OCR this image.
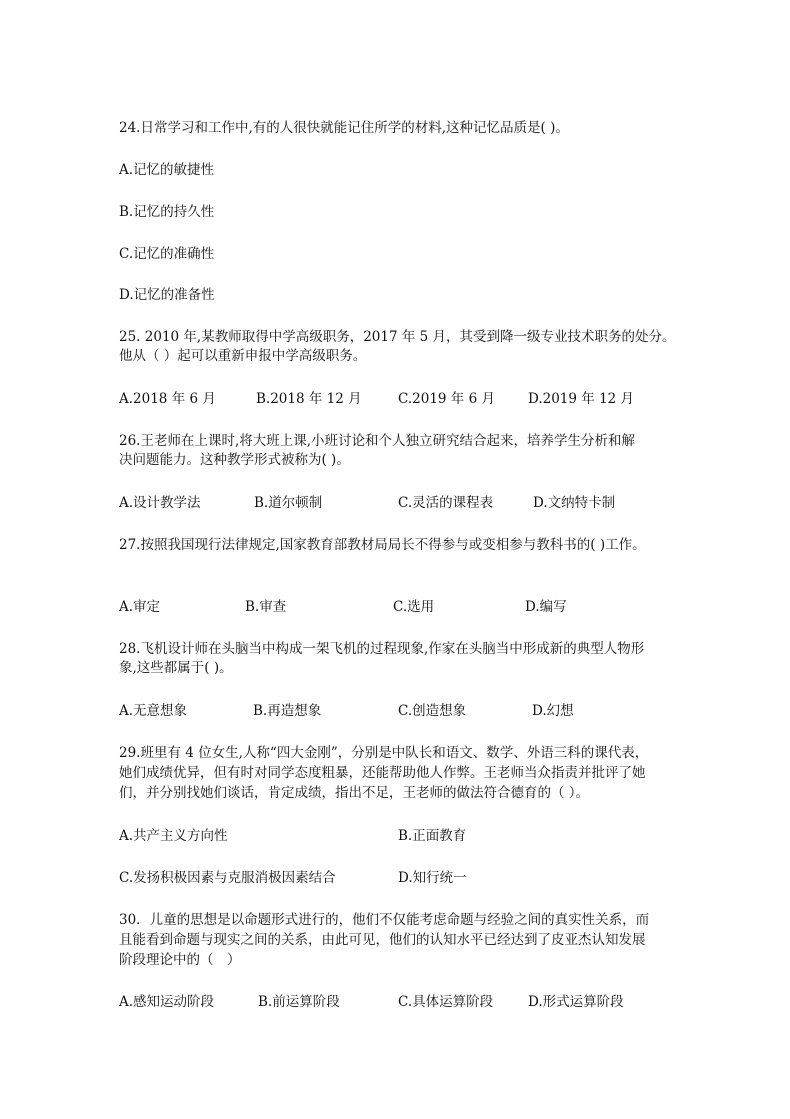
24.日常学习和工作中,有的人很快就能记住所学的材料,这种记忆品质是( )。
A.记忆的敏捷性
B.记忆的持久性
C.记忆的准确性
D.记忆的准备性
25. 2010 年,某教师取得中学高级职务，2017 年 5 月，其受到降一级专业技术职务的处分。
他从（ ）起可以重新申报中学高级职务。
A.2018 年 6 月	B.2018 年 12 月	C.2019 年 6 月 D.2019 年 12 月
26.王老师在上课时,将大班上课,小班讨论和个人独立研究结合起来，培养学生分析和解
决问题能力。这种教学形式被称为( )。
A.设计教学法	B.道尔顿制	C.灵活的课程表	D.文纳特卡制
27.按照我国现行法律规定,国家教育部教材局局长不得参与或变相参与教科书的( )工作。
A.审定	B.审查	C.选用	D.编写
28.飞机设计师在头脑当中构成一架飞机的过程现象,作家在头脑当中形成新的典型人物形
象,这些都属于( )。
A.无意想象	B.再造想象	C.创造想象	D.幻想
29.班里有 4 位女生,人称“四大金刚”，分别是中队长和语文、数学、外语三科的课代表，
她们成绩优异，但有时对同学态度粗暴，还能帮助他人作弊。王老师当众指责并批评了她
们，并分别找她们谈话，肯定成绩，指出不足，王老师的做法符合德育的（ ）。
A.共产主义方向性	B.正面教育
C.发扬积极因素与克服消极因素结合	D.知行统一
30．儿童的思想是以命题形式进行的，他们不仅能考虑命题与经验之间的真实性关系，而
且能看到命题与现实之间的关系，由此可见，他们的认知水平已经达到了皮亚杰认知发展
阶段理论中的（　）
A.感知运动阶段	B.前运算阶段	C.具体运算阶段	D.形式运算阶段
